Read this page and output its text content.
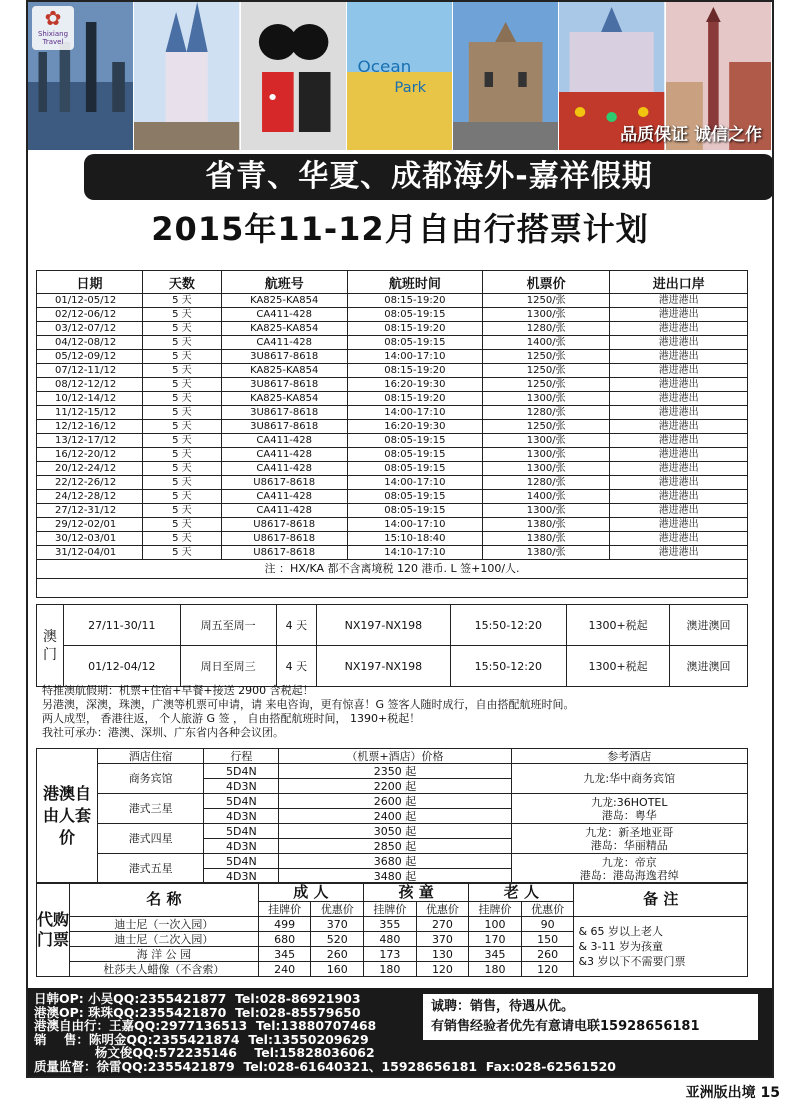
✿
Shixiang Travel
Ocean
Park
品质保证 诚信之作
省青、华夏、成都海外-嘉祥假期
2015年11-12月自由行搭票计划
日期	天数	航班号	航班时间	机票价	进出口岸
01/12-05/12	5 天	KA825-KA854	08:15-19:20	1250/张	港进港出
02/12-06/12	5 天	CA411-428	08:05-19:15	1300/张	港进港出
03/12-07/12	5 天	KA825-KA854	08:15-19:20	1280/张	港进港出
04/12-08/12	5 天	CA411-428	08:05-19:15	1400/张	港进港出
05/12-09/12	5 天	3U8617-8618	14:00-17:10	1250/张	港进港出
07/12-11/12	5 天	KA825-KA854	08:15-19:20	1250/张	港进港出
08/12-12/12	5 天	3U8617-8618	16:20-19:30	1250/张	港进港出
10/12-14/12	5 天	KA825-KA854	08:15-19:20	1300/张	港进港出
11/12-15/12	5 天	3U8617-8618	14:00-17:10	1280/张	港进港出
12/12-16/12	5 天	3U8617-8618	16:20-19:30	1250/张	港进港出
13/12-17/12	5 天	CA411-428	08:05-19:15	1300/张	港进港出
16/12-20/12	5 天	CA411-428	08:05-19:15	1300/张	港进港出
20/12-24/12	5 天	CA411-428	08:05-19:15	1300/张	港进港出
22/12-26/12	5 天	U8617-8618	14:00-17:10	1280/张	港进港出
24/12-28/12	5 天	CA411-428	08:05-19:15	1400/张	港进港出
27/12-31/12	5 天	CA411-428	08:05-19:15	1300/张	港进港出
29/12-02/01	5 天	U8617-8618	14:00-17:10	1380/张	港进港出
30/12-03/01	5 天	U8617-8618	15:10-18:40	1380/张	港进港出
31/12-04/01	5 天	U8617-8618	14:10-17:10	1380/张	港进港出
注 ：HX/KA 都不含离境税 120 港币. L 签+100/人.					

澳门	27/11-30/11	周五至周一	4 天	NX197-NX198	15:50-12:20	1300+税起	澳进澳回
	01/12-04/12	周日至周三	4 天	NX197-NX198	15:50-12:20	1300+税起	澳进澳回
特推澳航假期：机票+住宿+早餐+接送 2900 含税起！
另港澳，深澳，珠澳，广澳等机票可申请，请 来电咨询，更有惊喜！G 签客人随时成行，自由搭配航班时间。
两人成型， 香港往返， 个人旅游 G 签 ， 自由搭配航班时间， 1390+税起！
我社可承办：港澳、深圳、广东省内各种会议团。
港澳自由人套价	酒店住宿	行程	（机票+酒店）价格	参考酒店
	商务宾馆	5D4N	2350 起	九龙:华中商务宾馆

		4D3N	2200 起	
	港式三星	5D4N	2600 起	九龙:36HOTEL
港岛：粤华

		4D3N	2400 起	
	港式四星	5D4N	3050 起	九龙：新圣地亚哥
港岛：华丽精品

		4D3N	2850 起	
	港式五星	5D4N	3680 起	九龙：帝京
港岛：港岛海逸君绰

		4D3N	3480 起	
代购门票	名 称	成 人		孩 童		老 人		备 注
		挂牌价	优惠价	挂牌价	优惠价	挂牌价	优惠价	
	迪士尼（一次入园）	499	370	355	270	100	90	& 65 岁以上老人
& 3-11 岁为孩童
&3 岁以下不需要门票

	迪士尼（二次入园）	680	520	480	370	170	150	
	海 洋 公 园	345	260	173	130	345	260	
	杜莎夫人蜡像（不含索）	240	160	180	120	180	120	
日韩OP: 小吴QQ:2355421877  Tel:028-86921903
港澳OP: 珠珠QQ:2355421870  Tel:028-85579650
港澳自由行：王嘉QQ:2977136513  Tel:13880707468
销    售：陈明金QQ:2355421874  Tel:13550209629
杨文俊QQ:572235146    Tel:15828036062
质量监督：徐雷QQ:2355421879  Tel:028-61640321、15928656181  Fax:028-62561520
诚聘：销售，待遇从优。
有销售经验者优先有意请电联15928656181
亚洲版出境 15
